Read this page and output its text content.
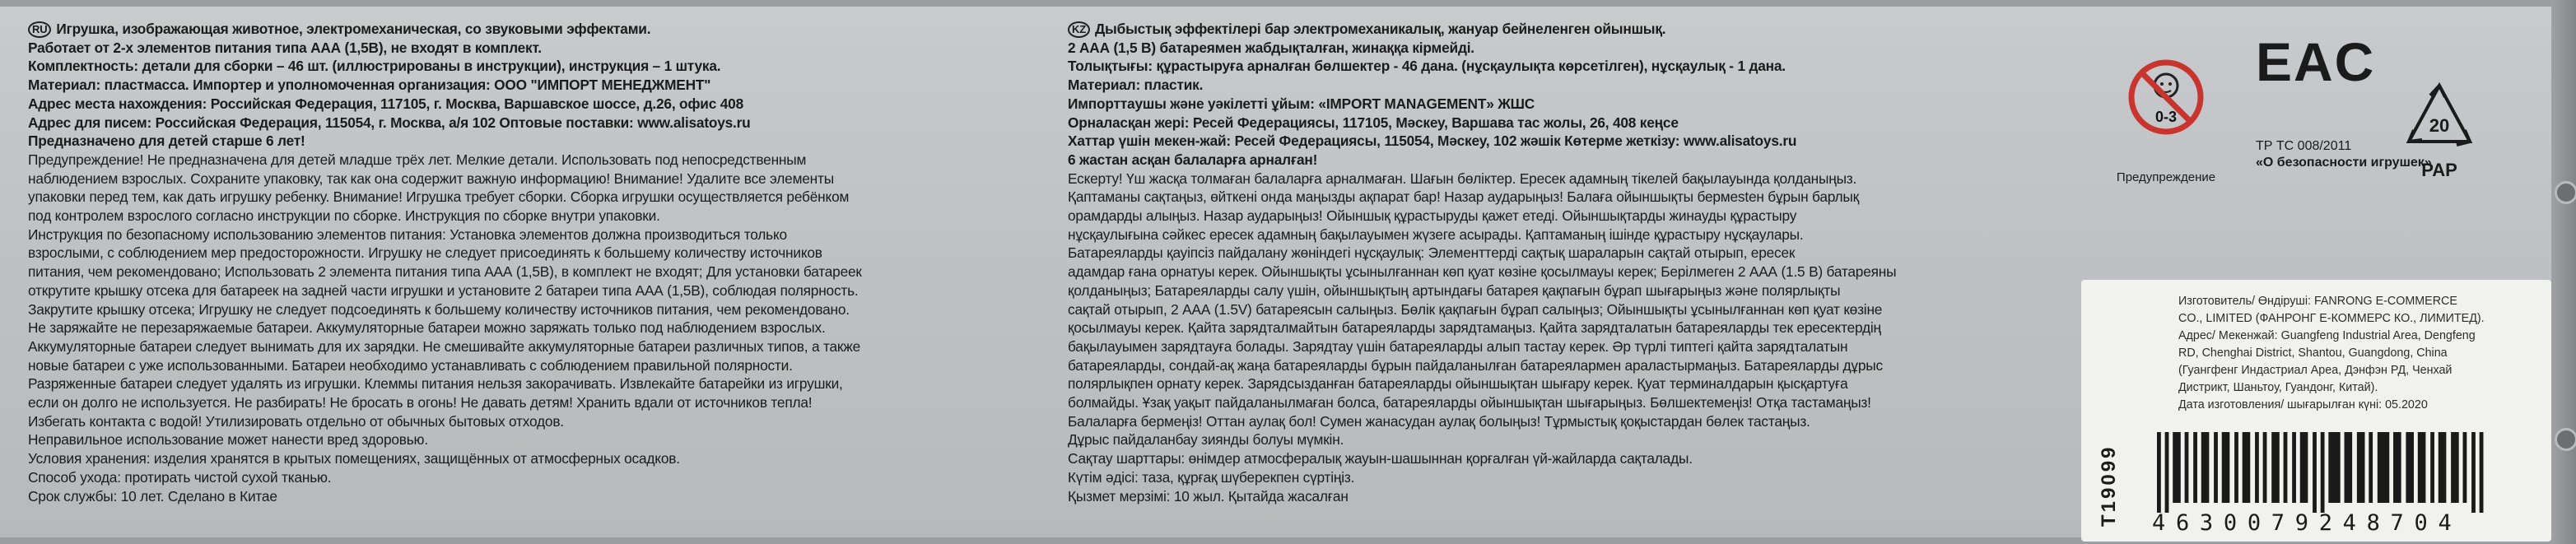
RU Игрушка, изображающая животное, электромеханическая, со звуковыми эффектами.
Работает от 2-х элементов питания типа ААА (1,5В), не входят в комплект.
Комплектность: детали для сборки – 46 шт. (иллюстрированы в инструкции), инструкция – 1 штука.
Материал: пластмасса. Импортер и уполномоченная организация: ООО "ИМПОРТ МЕНЕДЖМЕНТ"
Адрес места нахождения: Российская Федерация, 117105, г. Москва, Варшавское шоссе, д.26, офис 408
Адрес для писем: Российская Федерация, 115054, г. Москва, а/я 102 Оптовые поставки: www.alisatoys.ru
Предназначено для детей старше 6 лет!
Предупреждение! Не предназначена для детей младше трёх лет. Мелкие детали. Использовать под непосредственным
наблюдением взрослых. Сохраните упаковку, так как она содержит важную информацию! Внимание! Удалите все элементы
упаковки перед тем, как дать игрушку ребенку. Внимание! Игрушка требует сборки. Сборка игрушки осуществляется ребёнком
под контролем взрослого согласно инструкции по сборке. Инструкция по сборке внутри упаковки.
Инструкция по безопасному использованию элементов питания: Установка элементов должна производиться только
взрослыми, с соблюдением мер предосторожности. Игрушку не следует присоединять к большему количеству источников
питания, чем рекомендовано; Использовать 2 элемента питания типа ААА (1,5В), в комплект не входят; Для установки батареек
открутите крышку отсека для батареек на задней части игрушки и установите 2 батареи типа ААА (1,5В), соблюдая полярность.
Закрутите крышку отсека; Игрушку не следует подсоединять к большему количеству источников питания, чем рекомендовано.
Не заряжайте не перезаряжаемые батареи. Аккумуляторные батареи можно заряжать только под наблюдением взрослых.
Аккумуляторные батареи следует вынимать для их зарядки. Не смешивайте аккумуляторные батареи различных типов, а также
новые батареи с уже использованными. Батареи необходимо устанавливать с соблюдением правильной полярности.
Разряженные батареи следует удалять из игрушки. Клеммы питания нельзя закорачивать. Извлекайте батарейки из игрушки,
если он долго не используется. Не разбирать! Не бросать в огонь! Не давать детям! Хранить вдали от источников тепла!
Избегать контакта с водой! Утилизировать отдельно от обычных бытовых отходов.
Неправильное использование может нанести вред здоровью.
Условия хранения: изделия хранятся в крытых помещениях, защищённых от атмосферных осадков.
Способ ухода: протирать чистой сухой тканью.
Срок службы: 10 лет. Сделано в Китае
KZ Дыбыстық эффектілері бар электромеханикалық, жануар бейнеленген ойыншық.
2 ААА (1,5 В) батареямен жабдықталған, жинаққа кірмейді.
Толықтығы: құрастыруға арналған бөлшектер - 46 дана. (нұсқаулықта көрсетілген), нұсқаулық - 1 дана.
Материал: пластик.
Импорттаушы және уәкілетті ұйым: «IMPORT MANAGEMENT» ЖШС
Орналасқан жері: Ресей Федерациясы, 117105, Мәскеу, Варшава тас жолы, 26, 408 кеңсе
Хаттар үшін мекен-жай: Ресей Федерациясы, 115054, Мәскеу, 102 жәшік Көтерме жеткізу: www.alisatoys.ru
6 жастан асқан балаларға арналған!
Ескерту! Үш жасқа толмаған балаларға арналмаған. Шағын бөліктер. Ересек адамның тікелей бақылауында қолданыңыз.
Қаптаманы сақтаңыз, өйткені онда маңызды ақпарат бар! Назар аударыңыз! Балаға ойыншықты бермestен бұрын барлық
орамдарды алыңыз. Назар аударыңыз! Ойыншық құрастыруды қажет етеді. Ойыншықтарды жинауды құрастыру
нұсқаулығына сәйкес ересек адамның бақылауымен жүзеге асырады. Қаптаманың ішінде құрастыру нұсқаулары.
Батареяларды қауіпсіз пайдалану жөніндегі нұсқаулық: Элементтерді сақтық шараларын сақтай отырып, ересек
адамдар ғана орнатуы керек. Ойыншықты ұсынылғаннан көп қуат көзіне қосылмауы керек; Берілмеген 2 ААА (1.5 В) батареяны
қолданыңыз; Батареяларды салу үшін, ойыншықтың артындағы батарея қақпағын бұрап шығарыңыз және полярлықты
сақтай отырып, 2 ААА (1.5V) батареясын салыңыз. Бөлік қақпағын бұрап салыңыз; Ойыншықты ұсынылғаннан көп қуат көзіне
қосылмауы керек. Қайта зарядталмайтын батареяларды зарядтамаңыз. Қайта зарядталатын батареяларды тек ересектердің
бақылауымен зарядтауға болады. Зарядтау үшін батареяларды алып тастау керек. Әр түрлі типтегі қайта зарядталатын
батареяларды, сондай-ақ жаңа батареяларды бұрын пайдаланылған батареялармен араластырмаңыз. Батареяларды дұрыс
полярлықпен орнату керек. Зарядсызданған батареяларды ойыншықтан шығару керек. Қуат терминалдарын қысқартуға
болмайды. Ұзақ уақыт пайдаланылмаған болса, батареяларды ойыншықтан шығарыңыз. Бөлшектемеңіз! Отқа тастамаңыз!
Балаларға бермеңіз! Оттан аулақ бол! Сумен жанасудан аулақ болыңыз! Тұрмыстық қоқыстардан бөлек тастаңыз.
Дұрыс пайдаланбау зиянды болуы мүмкін.
Сақтау шарттары: өнімдер атмосфералық жауын-шашыннан қорғалған үй-жайларда сақталады.
Күтім әдісі: таза, құрғақ шүберекпен сүртіңіз.
Қызмет мерзімі: 10 жыл. Қытайда жасалған
0-3
Предупреждение
EAC
ТР ТС 008/2011
«О безопасности игрушек»
20
PAP
Изготовитель/ Өндіруші: FANRONG E-COMMERCE
CO., LIMITED (ФАНРОНГ Е-КОММЕРС КО., ЛИМИТЕД).
Адрес/ Мекенжай: Guangfeng Industrial Area, Dengfeng
RD, Chenghai District, Shantou, Guangdong, China
(Гуангфенг Индастриал Ареа, Дэнфэн РД, Ченхай
Дистрикт, Шаньтоу, Гуандонг, Китай).
Дата изготовления/ шығарылған күні: 05.2020
T19099 4630079248704
